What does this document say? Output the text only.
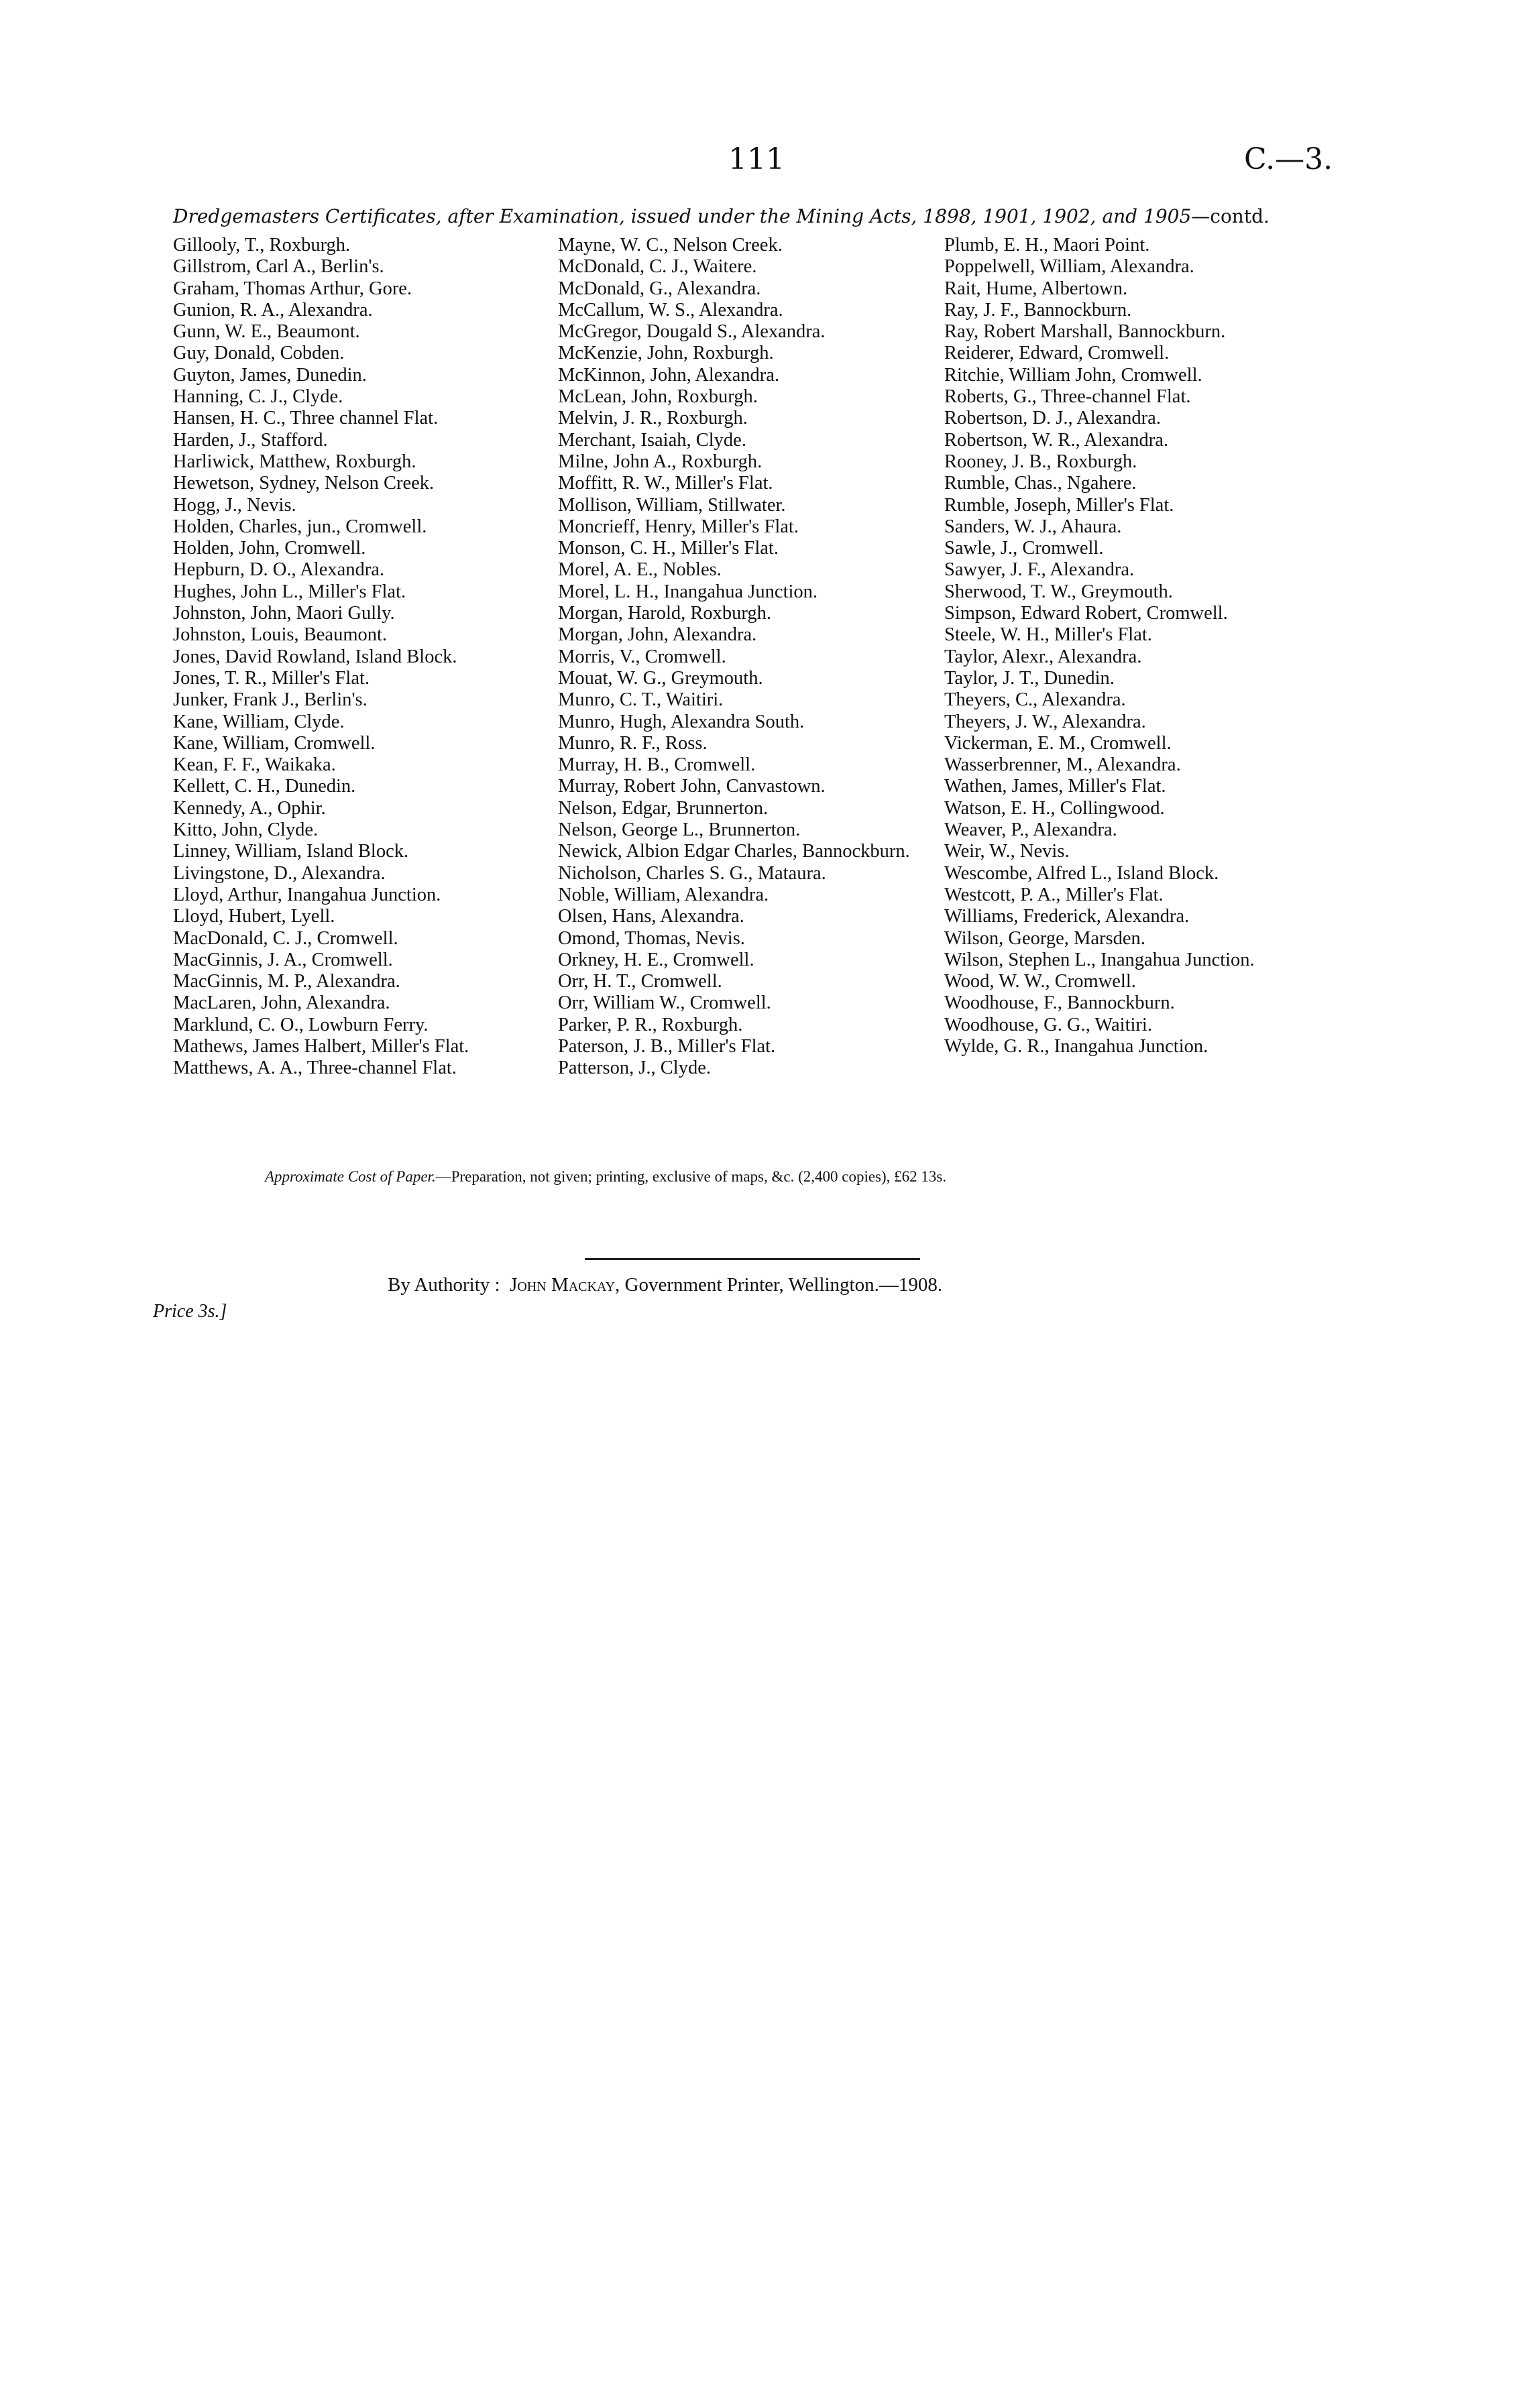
111	C.—3.
Dredgemasters Certificates, after Examination, issued under the Mining Acts, 1898, 1901, 1902, and 1905—contd.

Gillooly, T., Roxburgh.

Gillstrom, Carl A., Berlin's.

Graham, Thomas Arthur, Gore.

Gunion, R. A., Alexandra.

Gunn, W. E., Beaumont.

Guy, Donald, Cobden.

Guyton, James, Dunedin.

Hanning, C. J., Clyde.

Hansen, H. C., Three channel Flat.

Harden, J., Stafford.

Harliwick, Matthew, Roxburgh.

Hewetson, Sydney, Nelson Creek.

Hogg, J., Nevis.

Holden, Charles, jun., Cromwell.

Holden, John, Cromwell.

Hepburn, D. O., Alexandra.

Hughes, John L., Miller's Flat.

Johnston, John, Maori Gully.

Johnston, Louis, Beaumont.

Jones, David Rowland, Island Block.

Jones, T. R., Miller's Flat.

Junker, Frank J., Berlin's.

Kane, William, Clyde.

Kane, William, Cromwell.

Kean, F. F., Waikaka.

Kellett, C. H., Dunedin.

Kennedy, A., Ophir.

Kitto, John, Clyde.

Linney, William, Island Block.

Livingstone, D., Alexandra.

Lloyd, Arthur, Inangahua Junction.

Lloyd, Hubert, Lyell.

MacDonald, C. J., Cromwell.

MacGinnis, J. A., Cromwell.

MacGinnis, M. P., Alexandra.

MacLaren, John, Alexandra.

Marklund, C. O., Lowburn Ferry.

Mathews, James Halbert, Miller's Flat.

Matthews, A. A., Three-channel Flat.

Mayne, W. C., Nelson Creek.

McDonald, C. J., Waitere.

McDonald, G., Alexandra.

McCallum, W. S., Alexandra.

McGregor, Dougald S., Alexandra.

McKenzie, John, Roxburgh.

McKinnon, John, Alexandra.

McLean, John, Roxburgh.

Melvin, J. R., Roxburgh.

Merchant, Isaiah, Clyde.

Milne, John A., Roxburgh.

Moffitt, R. W., Miller's Flat.

Mollison, William, Stillwater.

Moncrieff, Henry, Miller's Flat.

Monson, C. H., Miller's Flat.

Morel, A. E., Nobles.

Morel, L. H., Inangahua Junction.

Morgan, Harold, Roxburgh.

Morgan, John, Alexandra.

Morris, V., Cromwell.

Mouat, W. G., Greymouth.

Munro, C. T., Waitiri.

Munro, Hugh, Alexandra South.

Munro, R. F., Ross.

Murray, H. B., Cromwell.

Murray, Robert John, Canvastown.

Nelson, Edgar, Brunnerton.

Nelson, George L., Brunnerton.

Newick, Albion Edgar Charles, Bannockburn.

Nicholson, Charles S. G., Mataura.

Noble, William, Alexandra.

Olsen, Hans, Alexandra.

Omond, Thomas, Nevis.

Orkney, H. E., Cromwell.

Orr, H. T., Cromwell.

Orr, William W., Cromwell.

Parker, P. R., Roxburgh.

Paterson, J. B., Miller's Flat.

Patterson, J., Clyde.

Plumb, E. H., Maori Point.

Poppelwell, William, Alexandra.

Rait, Hume, Albertown.

Ray, J. F., Bannockburn.

Ray, Robert Marshall, Bannockburn.

Reiderer, Edward, Cromwell.

Ritchie, William John, Cromwell.

Roberts, G., Three-channel Flat.

Robertson, D. J., Alexandra.

Robertson, W. R., Alexandra.

Rooney, J. B., Roxburgh.

Rumble, Chas., Ngahere.

Rumble, Joseph, Miller's Flat.

Sanders, W. J., Ahaura.

Sawle, J., Cromwell.

Sawyer, J. F., Alexandra.

Sherwood, T. W., Greymouth.

Simpson, Edward Robert, Cromwell.

Steele, W. H., Miller's Flat.

Taylor, Alexr., Alexandra.

Taylor, J. T., Dunedin.

Theyers, C., Alexandra.

Theyers, J. W., Alexandra.

Vickerman, E. M., Cromwell.

Wasserbrenner, M., Alexandra.

Wathen, James, Miller's Flat.

Watson, E. H., Collingwood.

Weaver, P., Alexandra.

Weir, W., Nevis.

Wescombe, Alfred L., Island Block.

Westcott, P. A., Miller's Flat.

Williams, Frederick, Alexandra.

Wilson, George, Marsden.

Wilson, Stephen L., Inangahua Junction.

Wood, W. W., Cromwell.

Woodhouse, F., Bannockburn.

Woodhouse, G. G., Waitiri.

Wylde, G. R., Inangahua Junction.

Approximate Cost of Paper.—Preparation, not given; printing, exclusive of maps, &c. (2,400 copies), £62 13s.
By Authority : John Mackay, Government Printer, Wellington.—1908.
Price 3s.]
